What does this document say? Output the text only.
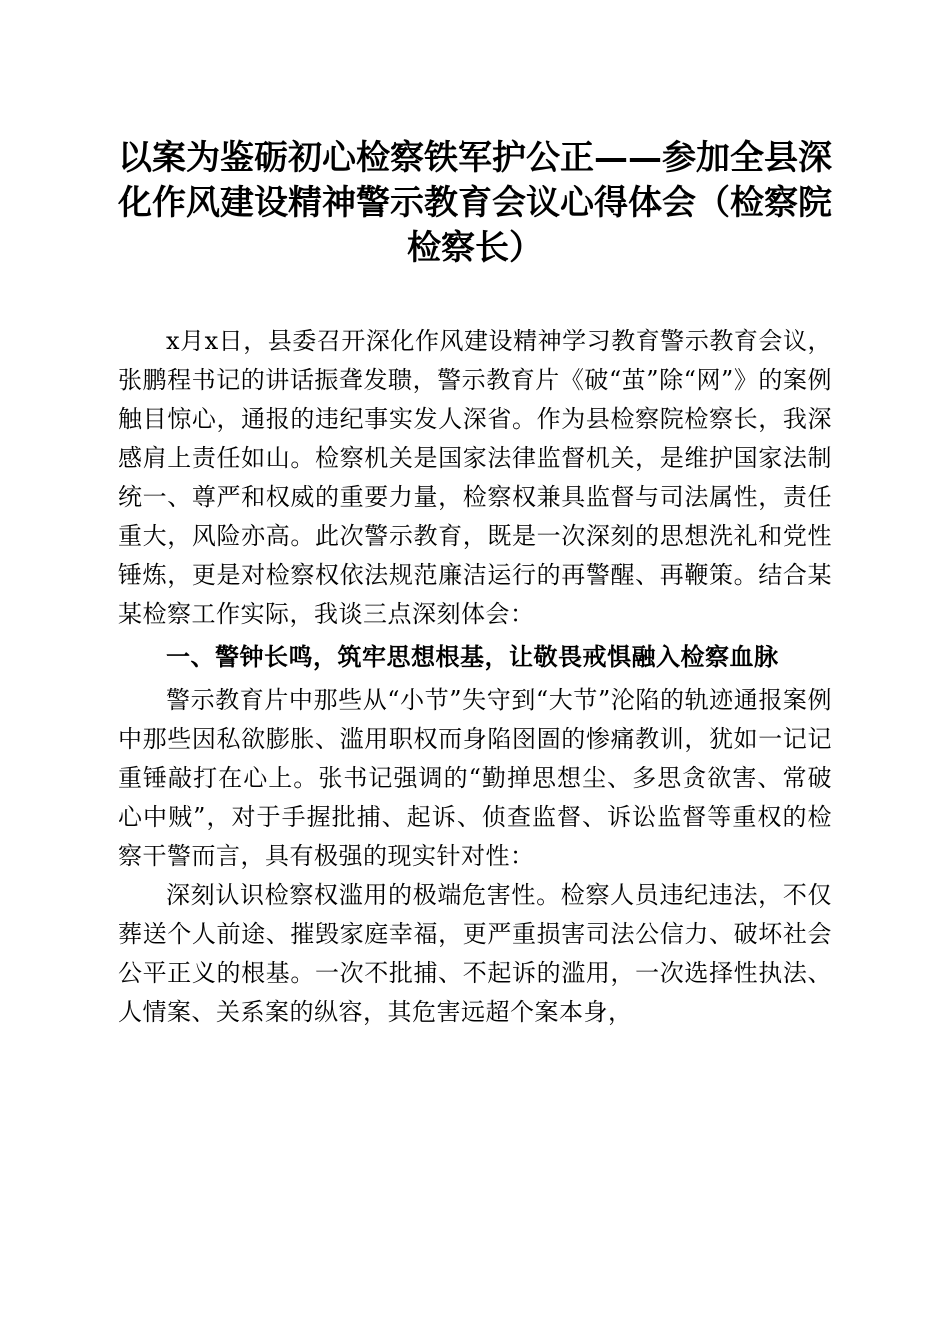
以案为鉴砺初心检察铁军护公正——参加全县深化作风建设精神警示教育会议心得体会（检察院检察长）

x月x日，县委召开深化作风建设精神学习教育警示教育会议，张鹏程书记的讲话振聋发聩，警示教育片《破“茧”除“网”》的案例触目惊心，通报的违纪事实发人深省。作为县检察院检察长，我深感肩上责任如山。检察机关是国家法律监督机关，是维护国家法制统一、尊严和权威的重要力量，检察权兼具监督与司法属性，责任重大，风险亦高。此次警示教育，既是一次深刻的思想洗礼和党性锤炼，更是对检察权依法规范廉洁运行的再警醒、再鞭策。结合某某检察工作实际，我谈三点深刻体会：

一、警钟长鸣，筑牢思想根基，让敬畏戒惧融入检察血脉

警示教育片中那些从“小节”失守到“大节”沦陷的轨迹通报案例中那些因私欲膨胀、滥用职权而身陷囹圄的惨痛教训，犹如一记记重锤敲打在心上。张书记强调的“勤掸思想尘、多思贪欲害、常破心中贼”，对于手握批捕、起诉、侦查监督、诉讼监督等重权的检察干警而言，具有极强的现实针对性：

深刻认识检察权滥用的极端危害性。检察人员违纪违法，不仅葬送个人前途、摧毁家庭幸福，更严重损害司法公信力、破坏社会公平正义的根基。一次不批捕、不起诉的滥用，一次选择性执法、人情案、关系案的纵容，其危害远超个案本身，
